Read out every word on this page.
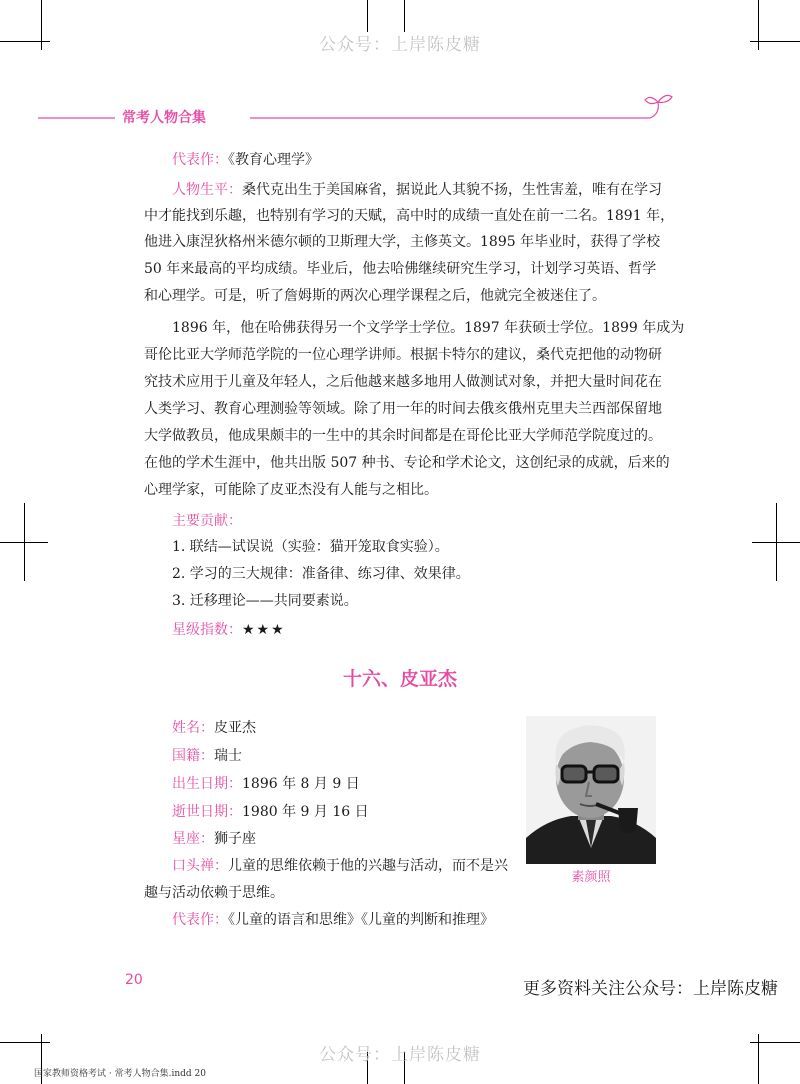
公众号：上岸陈皮糖
常考人物合集
代表作：《教育心理学》
人物生平：桑代克出生于美国麻省，据说此人其貌不扬，生性害羞，唯有在学习
中才能找到乐趣，也特别有学习的天赋，高中时的成绩一直处在前一二名。1891 年，
他进入康涅狄格州米德尔顿的卫斯理大学，主修英文。1895 年毕业时，获得了学校
50 年来最高的平均成绩。毕业后，他去哈佛继续研究生学习，计划学习英语、哲学
和心理学。可是，听了詹姆斯的两次心理学课程之后，他就完全被迷住了。
1896 年，他在哈佛获得另一个文学学士学位。1897 年获硕士学位。1899 年成为
哥伦比亚大学师范学院的一位心理学讲师。根据卡特尔的建议，桑代克把他的动物研
究技术应用于儿童及年轻人，之后他越来越多地用人做测试对象，并把大量时间花在
人类学习、教育心理测验等领域。除了用一年的时间去俄亥俄州克里夫兰西部保留地
大学做教员，他成果颇丰的一生中的其余时间都是在哥伦比亚大学师范学院度过的。
在他的学术生涯中，他共出版 507 种书、专论和学术论文，这创纪录的成就，后来的
心理学家，可能除了皮亚杰没有人能与之相比。
主要贡献：
1. 联结—试误说（实验：猫开笼取食实验）。
2. 学习的三大规律：准备律、练习律、效果律。
3. 迁移理论——共同要素说。
星级指数：★★★
十六、皮亚杰
姓名：皮亚杰
国籍：瑞士
出生日期：1896 年 8 月 9 日
逝世日期：1980 年 9 月 16 日
星座：狮子座
口头禅：儿童的思维依赖于他的兴趣与活动，而不是兴
趣与活动依赖于思维。
代表作：《儿童的语言和思维》《儿童的判断和推理》
素颜照
20	更多资料关注公众号：上岸陈皮糖
公众号：上岸陈皮糖
国家教师资格考试 · 常考人物合集.indd 20
